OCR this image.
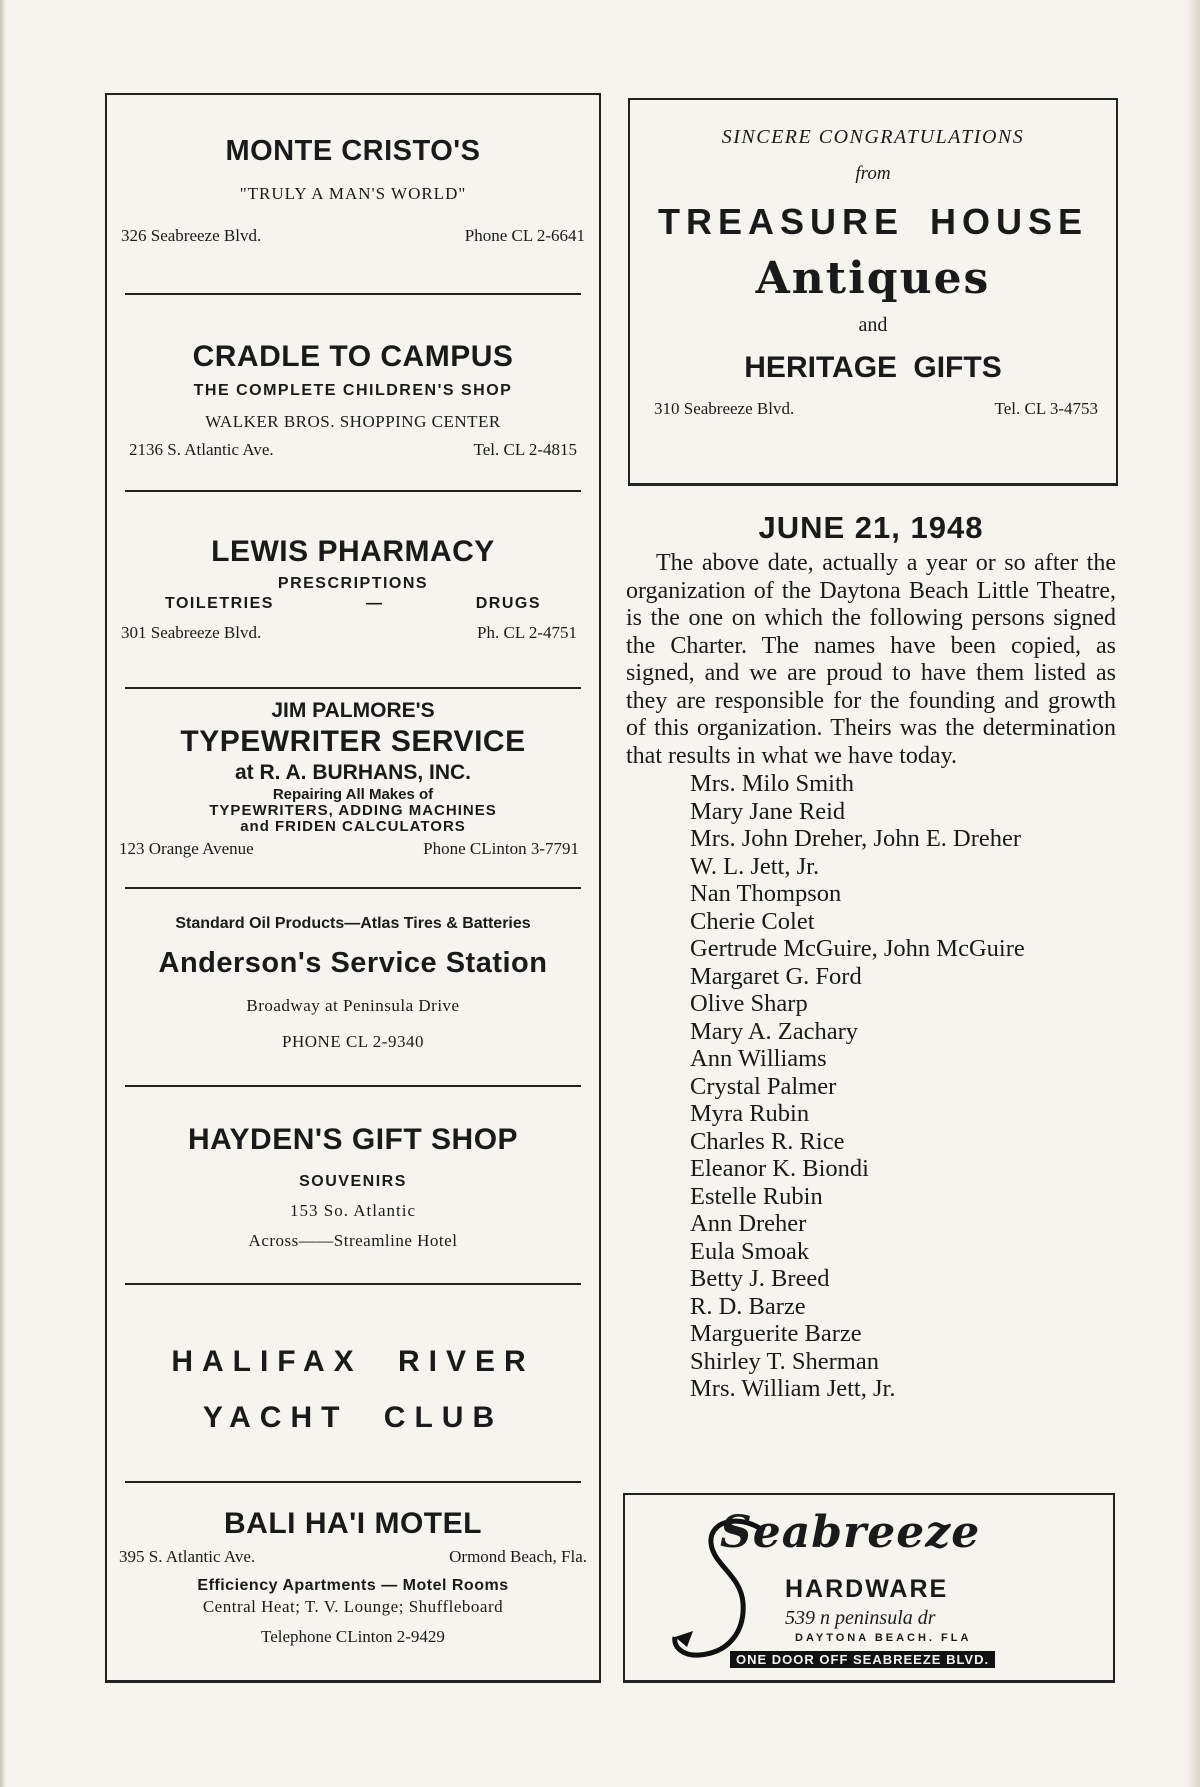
MONTE CRISTO'S
"TRULY A MAN'S WORLD"
326 Seabreeze Blvd.	Phone CL 2-6641
CRADLE TO CAMPUS
THE COMPLETE CHILDREN'S SHOP
WALKER BROS. SHOPPING CENTER
2136 S. Atlantic Ave.	Tel. CL 2-4815
LEWIS PHARMACY
PRESCRIPTIONS
TOILETRIES	—	DRUGS
301 Seabreeze Blvd.	Ph. CL 2-4751
JIM PALMORE'S
TYPEWRITER SERVICE
at R. A. BURHANS, INC.
Repairing All Makes of
TYPEWRITERS, ADDING MACHINES
and FRIDEN CALCULATORS
123 Orange Avenue	Phone CLinton 3-7791
Standard Oil Products—Atlas Tires & Batteries
Anderson's Service Station
Broadway at Peninsula Drive
PHONE CL 2-9340
HAYDEN'S GIFT SHOP
SOUVENIRS
153 So. Atlantic
Across——Streamline Hotel
HALIFAX RIVER
YACHT CLUB
BALI HA'I MOTEL
395 S. Atlantic Ave.	Ormond Beach, Fla.
Efficiency Apartments — Motel Rooms
Central Heat; T. V. Lounge; Shuffleboard
Telephone CLinton 2-9429
SINCERE CONGRATULATIONS
from
TREASURE HOUSE
Antiques
and
HERITAGE GIFTS
310 Seabreeze Blvd.	Tel. CL 3-4753
JUNE 21, 1948
The above date, actually a year or so after the organization of the Daytona Beach Little Theatre, is the one on which the following persons signed the Charter. The names have been copied, as signed, and we are proud to have them listed as they are responsible for the founding and growth of this organization. Theirs was the determination that results in what we have today.
Mrs. Milo Smith
Mary Jane Reid
Mrs. John Dreher, John E. Dreher
W. L. Jett, Jr.
Nan Thompson
Cherie Colet
Gertrude McGuire, John McGuire
Margaret G. Ford
Olive Sharp
Mary A. Zachary
Ann Williams
Crystal Palmer
Myra Rubin
Charles R. Rice
Eleanor K. Biondi
Estelle Rubin
Ann Dreher
Eula Smoak
Betty J. Breed
R. D. Barze
Marguerite Barze
Shirley T. Sherman
Mrs. William Jett, Jr.
Seabreeze
HARDWARE
539 n peninsula dr
DAYTONA BEACH. FLA
ONE DOOR OFF SEABREEZE BLVD.
